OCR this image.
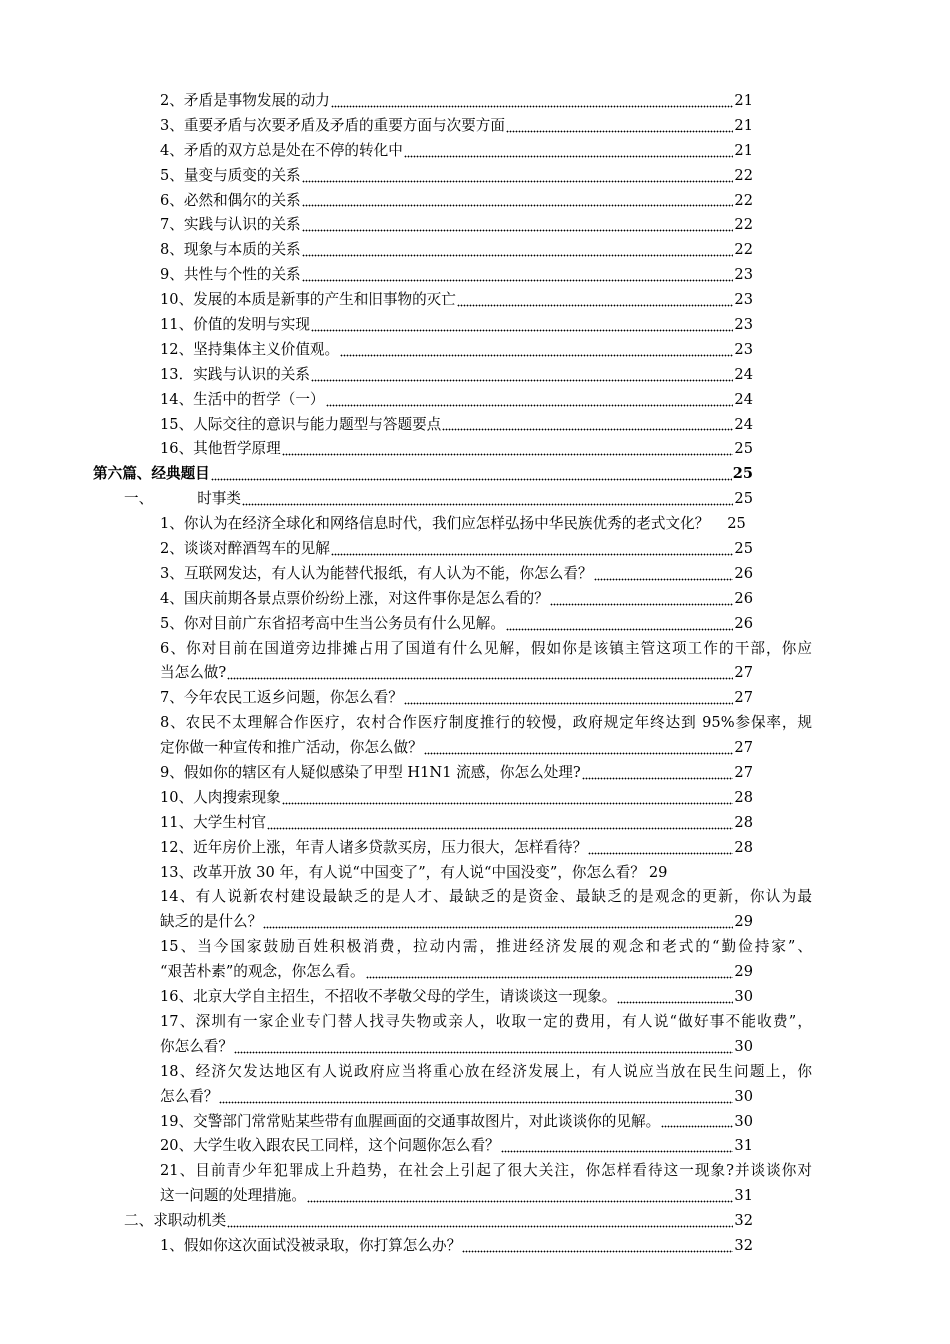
2、矛盾是事物发展的动力	21
3、重要矛盾与次要矛盾及矛盾的重要方面与次要方面	21
4、矛盾的双方总是处在不停的转化中	21
5、量变与质变的关系	22
6、必然和偶尔的关系	22
7、实践与认识的关系	22
8、现象与本质的关系	22
9、共性与个性的关系	23
10、发展的本质是新事的产生和旧事物的灭亡	23
11、价值的发明与实现	23
12、坚持集体主义价值观。	23
13．实践与认识的关系	24
14、生活中的哲学（一）	24
15、人际交往的意识与能力题型与答题要点	24
16、其他哲学原理	25
第六篇、经典题目	25
一、	时事类	25
1、你认为在经济全球化和网络信息时代，我们应怎样弘扬中华民族优秀的老式文化？ 25
2、谈谈对醉酒驾车的见解	25
3、互联网发达，有人认为能替代报纸，有人认为不能，你怎么看？	26
4、国庆前期各景点票价纷纷上涨，对这件事你是怎么看的？	26
5、你对目前广东省招考高中生当公务员有什么见解。	26
6、你对目前在国道旁边排摊占用了国道有什么见解，假如你是该镇主管这项工作的干部，你应
当怎么做?	27
7、今年农民工返乡问题，你怎么看？	27
8、农民不太理解合作医疗，农村合作医疗制度推行的较慢，政府规定年终达到 95%参保率，规
定你做一种宣传和推广活动，你怎么做？	27
9、假如你的辖区有人疑似感染了甲型 H1N1 流感，你怎么处理?	27
10、人肉搜索现象	28
11、大学生村官	28
12、近年房价上涨，年青人诸多贷款买房，压力很大，怎样看待？	28
13、改革开放 30 年，有人说“中国变了”，有人说“中国没变”，你怎么看？ 29
14、有人说新农村建设最缺乏的是人才、最缺乏的是资金、最缺乏的是观念的更新，你认为最
缺乏的是什么？	29
15、当今国家鼓励百姓积极消费，拉动内需，推进经济发展的观念和老式的“勤俭持家”、
“艰苦朴素”的观念，你怎么看。	29
16、北京大学自主招生，不招收不孝敬父母的学生，请谈谈这一现象。	30
17、深圳有一家企业专门替人找寻失物或亲人，收取一定的费用，有人说“做好事不能收费”，
你怎么看？	30
18、经济欠发达地区有人说政府应当将重心放在经济发展上，有人说应当放在民生问题上，你
怎么看？	30
19、交警部门常常贴某些带有血腥画面的交通事故图片，对此谈谈你的见解。	30
20、大学生收入跟农民工同样，这个问题你怎么看？	31
21、目前青少年犯罪成上升趋势，在社会上引起了很大关注，你怎样看待这一现象?并谈谈你对
这一问题的处理措施。	31
二、求职动机类	32
1、假如你这次面试没被录取，你打算怎么办？	32
